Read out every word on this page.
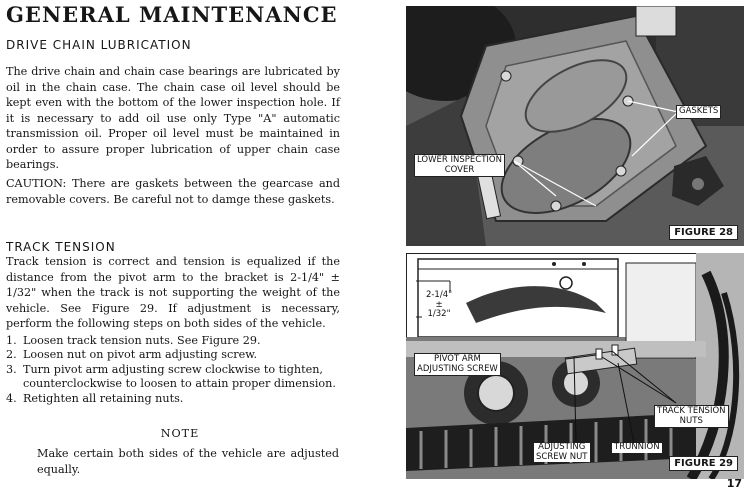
GENERAL MAINTENANCE
DRIVE CHAIN LUBRICATION

The drive chain and chain case bearings are lubricated by oil in the chain case. The chain case oil level should be kept even with the bottom of the lower inspection hole. If it is necessary to add oil use only Type "A" automatic transmission oil. Proper oil level must be maintained in order to assure proper lubrication of upper chain case bearings.

CAUTION: There are gaskets between the gearcase and removable covers. Be careful not to damge these gaskets.

TRACK TENSION

Track tension is correct and tension is equalized if the distance from the pivot arm to the bracket is 2-1/4" ± 1/32" when the track is not supporting the weight of the vehicle. See Figure 29. If adjustment is necessary, perform the following steps on both sides of the vehicle.

1. Loosen track tension nuts. See Figure 29.
2. Loosen nut on pivot arm adjusting screw.
3. Turn pivot arm adjusting screw clockwise to tighten, counterclockwise to loosen to attain proper dimension.
4. Retighten all retaining nuts.
NOTE

Make certain both sides of the vehicle are adjusted equally.

GASKETS
LOWER INSPECTION
COVER
FIGURE 28
2-1/4"
±
1/32"
PIVOT ARM
ADJUSTING SCREW
TRACK TENSION
NUTS
ADJUSTING
SCREW NUT
TRUNNION
FIGURE 29
17
